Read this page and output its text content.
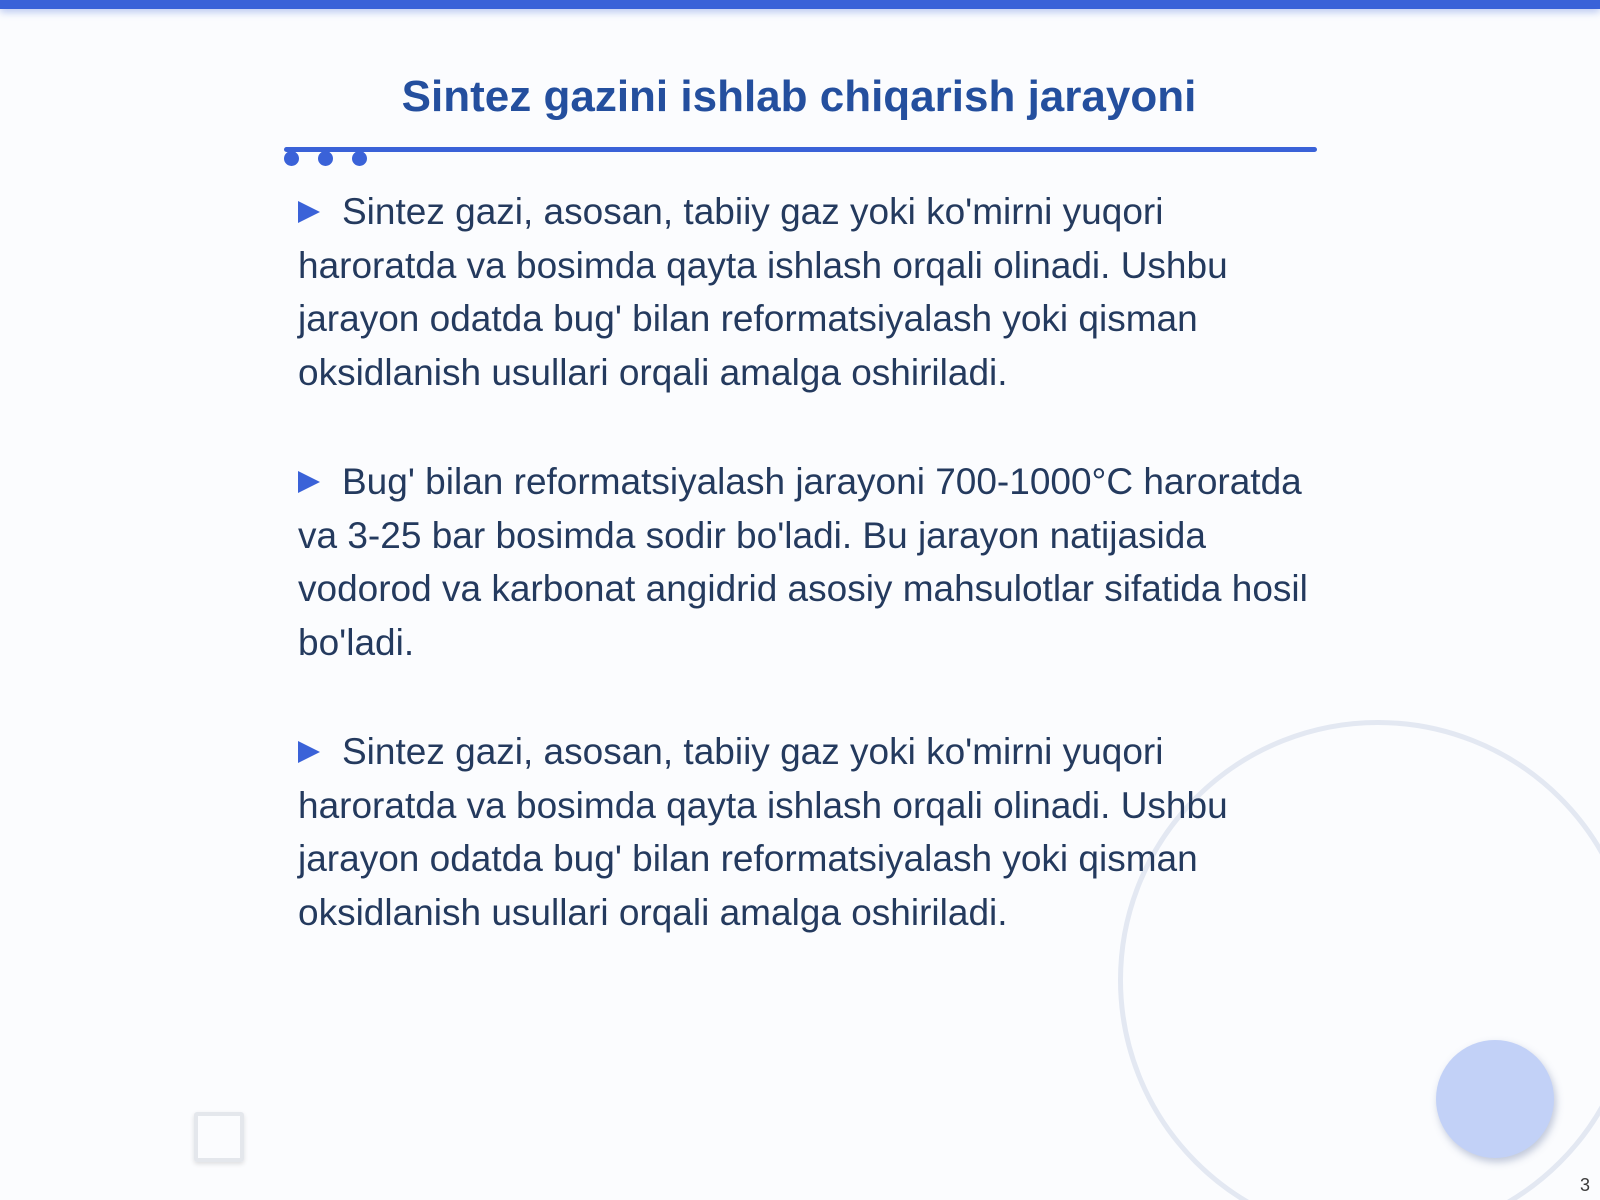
Sintez gazini ishlab chiqarish jarayoni

Sintez gazi, asosan, tabiiy gaz yoki ko'mirni yuqori haroratda va bosimda qayta ishlash orqali olinadi. Ushbu jarayon odatda bug' bilan reformatsiyalash yoki qisman oksidlanish usullari orqali amalga oshiriladi.

Bug' bilan reformatsiyalash jarayoni 700-1000°C haroratda va 3-25 bar bosimda sodir bo'ladi. Bu jarayon natijasida vodorod va karbonat angidrid asosiy mahsulotlar sifatida hosil bo'ladi.

Sintez gazi, asosan, tabiiy gaz yoki ko'mirni yuqori haroratda va bosimda qayta ishlash orqali olinadi. Ushbu jarayon odatda bug' bilan reformatsiyalash yoki qisman oksidlanish usullari orqali amalga oshiriladi.

3
